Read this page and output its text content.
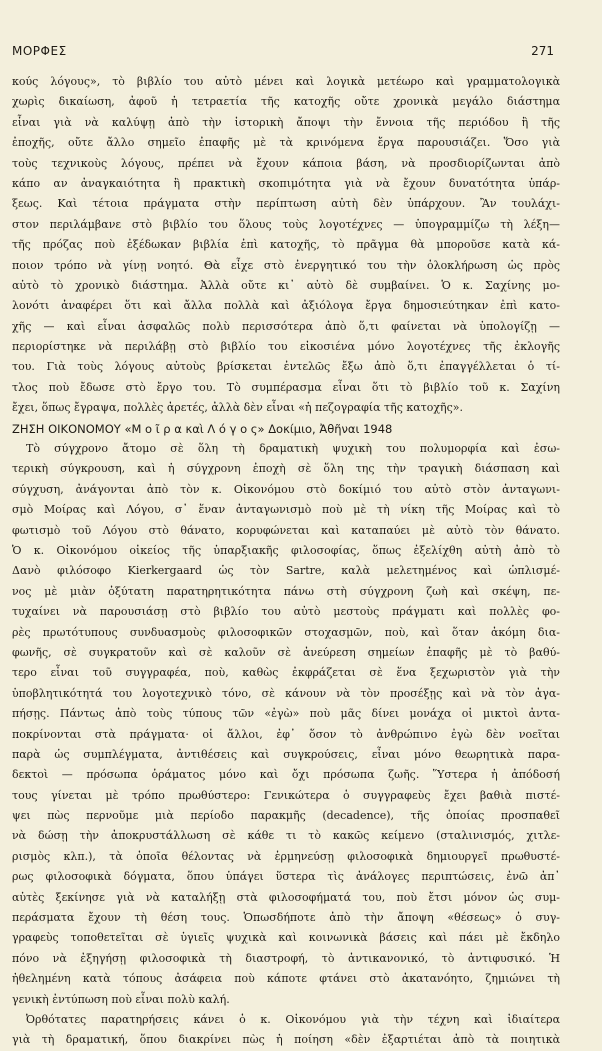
ΜΟΡΦΕΣ	271
κούς λόγους», τὸ βιβλίο του αὐτὸ μένει καὶ λογικὰ μετέωρο καὶ γραμματολογικὰ
χωρὶς δικαίωση, ἀφοῦ ἡ τετραετία τῆς κατοχῆς οὔτε χρονικὰ μεγάλο διάστημα
εἶναι γιὰ νὰ καλύψῃ ἀπὸ τὴν ἱστορικὴ ἄποψι τὴν ἔννοια τῆς περιόδου ἢ τῆς
ἐποχῆς, οὔτε ἄλλο σημεῖο ἐπαφῆς μὲ τὰ κρινόμενα ἔργα παρουσιάζει. Ὅσο γιὰ
τοὺς τεχνικοὺς λόγους, πρέπει νὰ ἔχουν κάποια βάση, νὰ προσδιορίζωνται ἀπὸ
κάπο αν ἀναγκαιότητα ἢ πρακτικὴ σκοπιμότητα γιὰ νὰ ἔχουν δυνατότητα ὑπάρ-
ξεως. Καὶ τέτοια πράγματα στὴν περίπτωση αὐτὴ δὲν ὑπάρχουν. Ἂν τουλάχι-
στον περιλάμβανε στὸ βιβλίο του ὅλους τοὺς λογοτέχνες — ὑπογραμμίζω τὴ λέξη—
τῆς πρόζας ποὺ ἐξέδωκαν βιβλία ἐπὶ κατοχῆς, τὸ πρᾶγμα θὰ μποροῦσε κατὰ κά-
ποιον τρόπο νὰ γίνῃ νοητό. Θὰ εἶχε στὸ ἐνεργητικό του τὴν ὁλοκλήρωση ὡς πρὸς
αὐτὸ τὸ χρονικὸ διάστημα. Ἀλλὰ οὔτε κι᾿ αὐτὸ δὲ συμβαίνει. Ὁ κ. Σαχίνης μο-
λονότι ἀναφέρει ὅτι καὶ ἄλλα πολλὰ καὶ ἀξιόλογα ἔργα δημοσιεύτηκαν ἐπὶ κατο-
χῆς — καὶ εἶναι ἀσφαλῶς πολὺ περισσότερα ἀπὸ ὅ,τι φαίνεται νὰ ὑπολογίζῃ —
περιορίστηκε νὰ περιλάβῃ στὸ βιβλίο του εἰκοσιένα μόνο λογοτέχνες τῆς ἐκλογῆς
του. Γιὰ τοὺς λόγους αὐτοὺς βρίσκεται ἐντελῶς ἔξω ἀπὸ ὅ,τι ἐπαγγέλλεται ὁ τί-
τλος ποὺ ἔδωσε στὸ ἔργο του. Τὸ συμπέρασμα εἶναι ὅτι τὸ βιβλίο τοῦ κ. Σαχίνη
ἔχει, ὅπως ἔγραψα, πολλὲς ἀρετές, ἀλλὰ δὲν εἶναι «ἡ πεζογραφία τῆς κατοχῆς».
ΖΗΣΗ ΟΙΚΟΝΟΜΟΥ «Μ ο ῖ ρ α καὶ Λ ό γ ο ς» Δοκίμιο, Ἀθῆναι 1948
Τὸ σύγχρονο ἄτομο σὲ ὅλη τὴ δραματικὴ ψυχικὴ του πολυμορφία καὶ ἐσω-
τερικὴ σύγκρουση, καὶ ἡ σύγχρονη ἐποχὴ σὲ ὅλη της τὴν τραγικὴ διάσπαση καὶ
σύγχυση, ἀνάγονται ἀπὸ τὸν κ. Οἰκονόμου στὸ δοκίμιό του αὐτὸ στὸν ἀνταγωνι-
σμὸ Μοίρας καὶ Λόγου, σ᾿ ἕναν ἀνταγωνισμὸ ποὺ μὲ τὴ νίκη τῆς Μοίρας καὶ τὸ
φωτισμὸ τοῦ Λόγου στὸ θάνατο, κορυφώνεται καὶ καταπαύει μὲ αὐτὸ τὸν θάνατο.
Ὁ κ. Οἰκονόμου οἰκείος τῆς ὑπαρξιακῆς φιλοσοφίας, ὅπως ἐξελίχθη αὐτὴ ἀπὸ τὸ
Δανὸ φιλόσοφο Kierkergaard ὡς τὸν Sartre, καλὰ μελετημένος καὶ ὡπλισμέ-
νος μὲ μιὰν ὀξύτατη παρατηρητικότητα πάνω στὴ σύγχρονη ζωὴ καὶ σκέψη, πε-
τυχαίνει νὰ παρουσιάσῃ στὸ βιβλίο του αὐτὸ μεστοὺς πράγματι καὶ πολλὲς φο-
ρὲς πρωτότυπους συνδυασμοὺς φιλοσοφικῶν στοχασμῶν, ποὺ, καὶ ὅταν ἀκόμη δια-
φωνῆς, σὲ συγκρατοῦν καὶ σὲ καλοῦν σὲ ἀνεύρεση σημείων ἐπαφῆς μὲ τὸ βαθύ-
τερο εἶναι τοῦ συγγραφέα, ποὺ, καθὼς ἐκφράζεται σὲ ἕνα ξεχωριστὸν γιὰ τὴν
ὑποβλητικότητά του λογοτεχνικὸ τόνο, σὲ κάνουν νὰ τὸν προσέξῃς καὶ νὰ τὸν ἀγα-
πήσῃς. Πάντως ἀπὸ τοὺς τύπους τῶν «ἐγὼ» ποὺ μᾶς δίνει μονάχα οἱ μικτοὶ ἀντα-
ποκρίνονται στὰ πράγματα· οἱ ἄλλοι, ἐφ᾿ ὅσον τὸ ἀνθρώπινο ἐγὼ δὲν νοεῖται
παρὰ ὡς συμπλέγματα, ἀντιθέσεις καὶ συγκρούσεις, εἶναι μόνο θεωρητικὰ παρα-
δεκτοὶ — πρόσωπα ὁράματος μόνο καὶ ὄχι πρόσωπα ζωῆς. Ὕστερα ἡ ἀπόδοσή
τους γίνεται μὲ τρόπο πρωθύστερο: Γενικώτερα ὁ συγγραφεὺς ἔχει βαθιὰ πιστέ-
ψει πὼς περνοῦμε μιὰ περίοδο παρακμῆς (decadence), τῆς ὁποίας προσπαθεῖ
νὰ δώσῃ τὴν ἀποκρυστάλλωση σὲ κάθε τι τὸ κακῶς κείμενο (σταλινισμός, χιτλε-
ρισμὸς κλπ.), τὰ ὁποῖα θέλοντας νὰ ἑρμηνεύσῃ φιλοσοφικὰ δημιουργεῖ πρωθυστέ-
ρως φιλοσοφικὰ δόγματα, ὅπου ὑπάγει ὕστερα τὶς ἀνάλογες περιπτώσεις, ἐνῶ ἀπ᾿
αὐτὲς ξεκίνησε γιὰ νὰ καταλήξῃ στὰ φιλοσοφήματά του, ποὺ ἔτσι μόνον ὡς συμ-
περάσματα ἔχουν τὴ θέση τους. Ὁπωσδήποτε ἀπὸ τὴν ἄποψη «θέσεως» ὁ συγ-
γραφεὺς τοποθετεῖται σὲ ὑγιεῖς ψυχικὰ καὶ κοινωνικὰ βάσεις καὶ πάει μὲ ἔκδηλο
πόνο νὰ ἐξηγήσῃ φιλοσοφικὰ τὴ διαστροφή, τὸ ἀντικανονικό, τὸ ἀντιφυσικό. Ἡ
ἠθελημένη κατὰ τόπους ἀσάφεια ποὺ κάποτε φτάνει στὸ ἀκατανόητο, ζημιώνει τὴ
γενικὴ ἐντύπωση ποὺ εἶναι πολὺ καλή.
Ὀρθότατες παρατηρήσεις κάνει ὁ κ. Οἰκονόμου γιὰ τὴν τέχνη καὶ ἰδιαίτερα
γιὰ τὴ δραματική, ὅπου διακρίνει πὼς ἡ ποίηση «δὲν ἐξαρτιέται ἀπὸ τὰ ποιητικὰ
